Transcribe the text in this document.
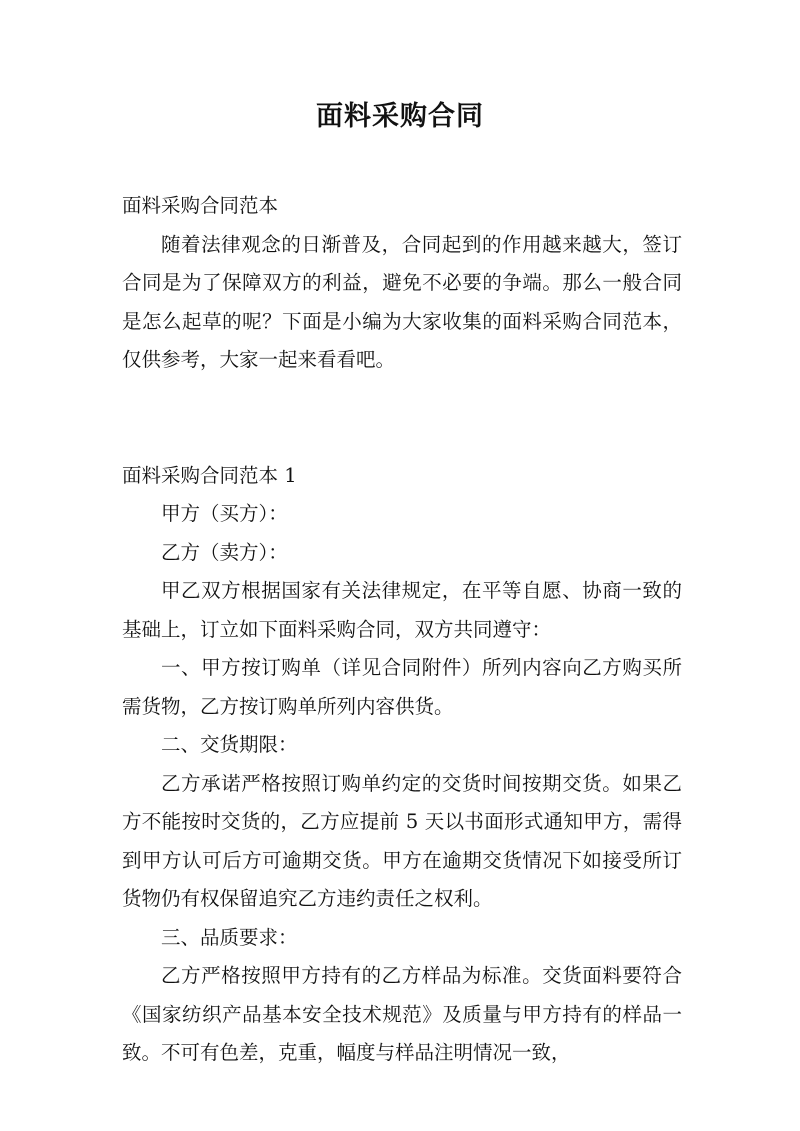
面料采购合同

面料采购合同范本

随着法律观念的日渐普及，合同起到的作用越来越大，签订合同是为了保障双方的利益，避免不必要的争端。那么一般合同是怎么起草的呢？下面是小编为大家收集的面料采购合同范本，仅供参考，大家一起来看看吧。

面料采购合同范本 1

甲方（买方）：

乙方（卖方）：

甲乙双方根据国家有关法律规定，在平等自愿、协商一致的基础上，订立如下面料采购合同，双方共同遵守：

一、甲方按订购单（详见合同附件）所列内容向乙方购买所需货物，乙方按订购单所列内容供货。

二、交货期限：

乙方承诺严格按照订购单约定的交货时间按期交货。如果乙方不能按时交货的，乙方应提前 5 天以书面形式通知甲方，需得到甲方认可后方可逾期交货。甲方在逾期交货情况下如接受所订货物仍有权保留追究乙方违约责任之权利。

三、品质要求：

乙方严格按照甲方持有的乙方样品为标准。交货面料要符合《国家纺织产品基本安全技术规范》及质量与甲方持有的样品一致。不可有色差，克重，幅度与样品注明情况一致，
